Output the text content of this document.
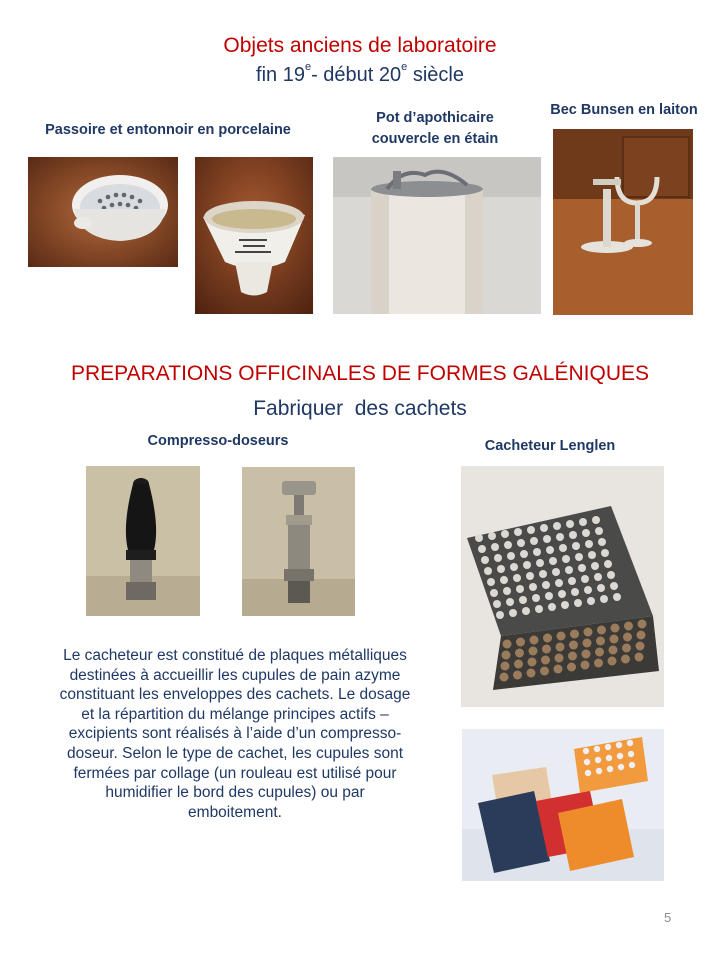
Objets anciens de laboratoire
fin 19e- début 20e siècle
Passoire et entonnoir en porcelaine
Pot d’apothicaire
couvercle en étain
Bec Bunsen en laiton
PREPARATIONS OFFICINALES DE FORMES GALÉNIQUES
Fabriquer  des cachets
Compresso-doseurs	Cacheteur Lenglen
Le cacheteur est constitué de plaques métalliques
destinées à accueillir les cupules de pain azyme
constituant les enveloppes des cachets. Le dosage
et la répartition du mélange principes actifs –
excipients sont réalisés à l’aide d’un compresso-
doseur. Selon le type de cachet, les cupules sont
fermées par collage (un rouleau est utilisé pour
humidifier le bord des cupules) ou par
emboitement.
5
